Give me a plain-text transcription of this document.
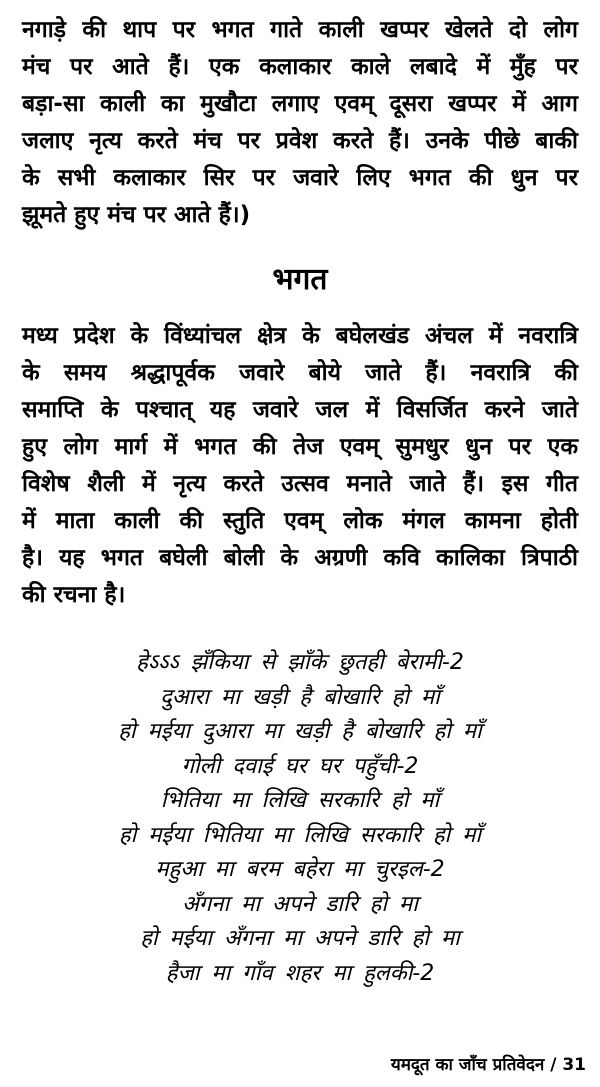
नगाड़े की थाप पर भगत गाते काली खप्पर खेलते दो लोग
मंच पर आते हैं। एक कलाकार काले लबादे में मुँह पर
बड़ा-सा काली का मुखौटा लगाए एवम् दूसरा खप्पर में आग
जलाए नृत्य करते मंच पर प्रवेश करते हैं। उनके पीछे बाकी
के सभी कलाकार सिर पर जवारे लिए भगत की धुन पर
झूमते हुए मंच पर आते हैं।)
भगत
मध्य प्रदेश के विंध्यांचल क्षेत्र के बघेलखंड अंचल में नवरात्रि
के समय श्रद्धापूर्वक जवारे बोये जाते हैं। नवरात्रि की
समाप्ति के पश्चात् यह जवारे जल में विसर्जित करने जाते
हुए लोग मार्ग में भगत की तेज एवम् सुमधुर धुन पर एक
विशेष शैली में नृत्य करते उत्सव मनाते जाते हैं। इस गीत
में माता काली की स्तुति एवम् लोक मंगल कामना होती
है। यह भगत बघेली बोली के अग्रणी कवि कालिका त्रिपाठी
की रचना है।
हेऽऽऽ झँकिया से झाँके छुतही बेरामी-2
दुआरा मा खड़ी है बोखारि हो माँ
हो मईया दुआरा मा खड़ी है बोखारि हो माँ
गोली दवाई घर घर पहुँची-2
भितिया मा लिखि सरकारि हो माँ
हो मईया भितिया मा लिखि सरकारि हो माँ
महुआ मा बरम बहेरा मा चुरइल-2
अँगना मा अपने डारि हो मा
हो मईया अँगना मा अपने डारि हो मा
हैजा मा गाँव शहर मा हुलकी-2
यमदूत का जाँच प्रतिवेदन / 31
